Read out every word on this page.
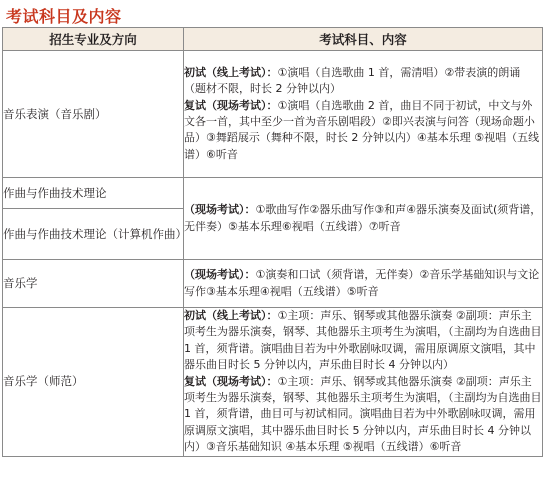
考试科目及内容
招生专业及方向	考试科目、内容
音乐表演（音乐剧）	初试（线上考试）：①演唱（自选歌曲 1 首，需清唱）②带表演的朗诵（题材不限，时长 2 分钟以内）

复试（现场考试）：①演唱（自选歌曲 2 首，曲目不同于初试，中文与外文各一首，其中至少一首为音乐剧唱段）②即兴表演与问答（现场命题小品）③舞蹈展示（舞种不限，时长 2 分钟以内）④基本乐理 ⑤视唱（五线谱）⑥听音

作曲与作曲技术理论	（现场考试）：①歌曲写作②器乐曲写作③和声④器乐演奏及面试(须背谱，无伴奏）⑤基本乐理⑥视唱（五线谱）⑦听音

作曲与作曲技术理论（计算机作曲）	
音乐学	（现场考试）：①演奏和口试（须背谱，无伴奏）②音乐学基础知识与文论写作③基本乐理④视唱（五线谱）⑤听音

音乐学（师范）	初试（线上考试）：①主项：声乐、钢琴或其他器乐演奏 ②副项：声乐主项考生为器乐演奏，钢琴、其他器乐主项考生为演唱，（主副均为自选曲目 1 首，须背谱。演唱曲目若为中外歌剧咏叹调，需用原调原文演唱，其中器乐曲目时长 5 分钟以内，声乐曲目时长 4 分钟以内）

复试（现场考试）：①主项：声乐、钢琴或其他器乐演奏 ②副项：声乐主项考生为器乐演奏，钢琴、其他器乐主项考生为演唱，（主副均为自选曲目 1 首，须背谱，曲目可与初试相同。演唱曲目若为中外歌剧咏叹调，需用原调原文演唱，其中器乐曲目时长 5 分钟以内，声乐曲目时长 4 分钟以内）③音乐基础知识 ④基本乐理 ⑤视唱（五线谱）⑥听音
